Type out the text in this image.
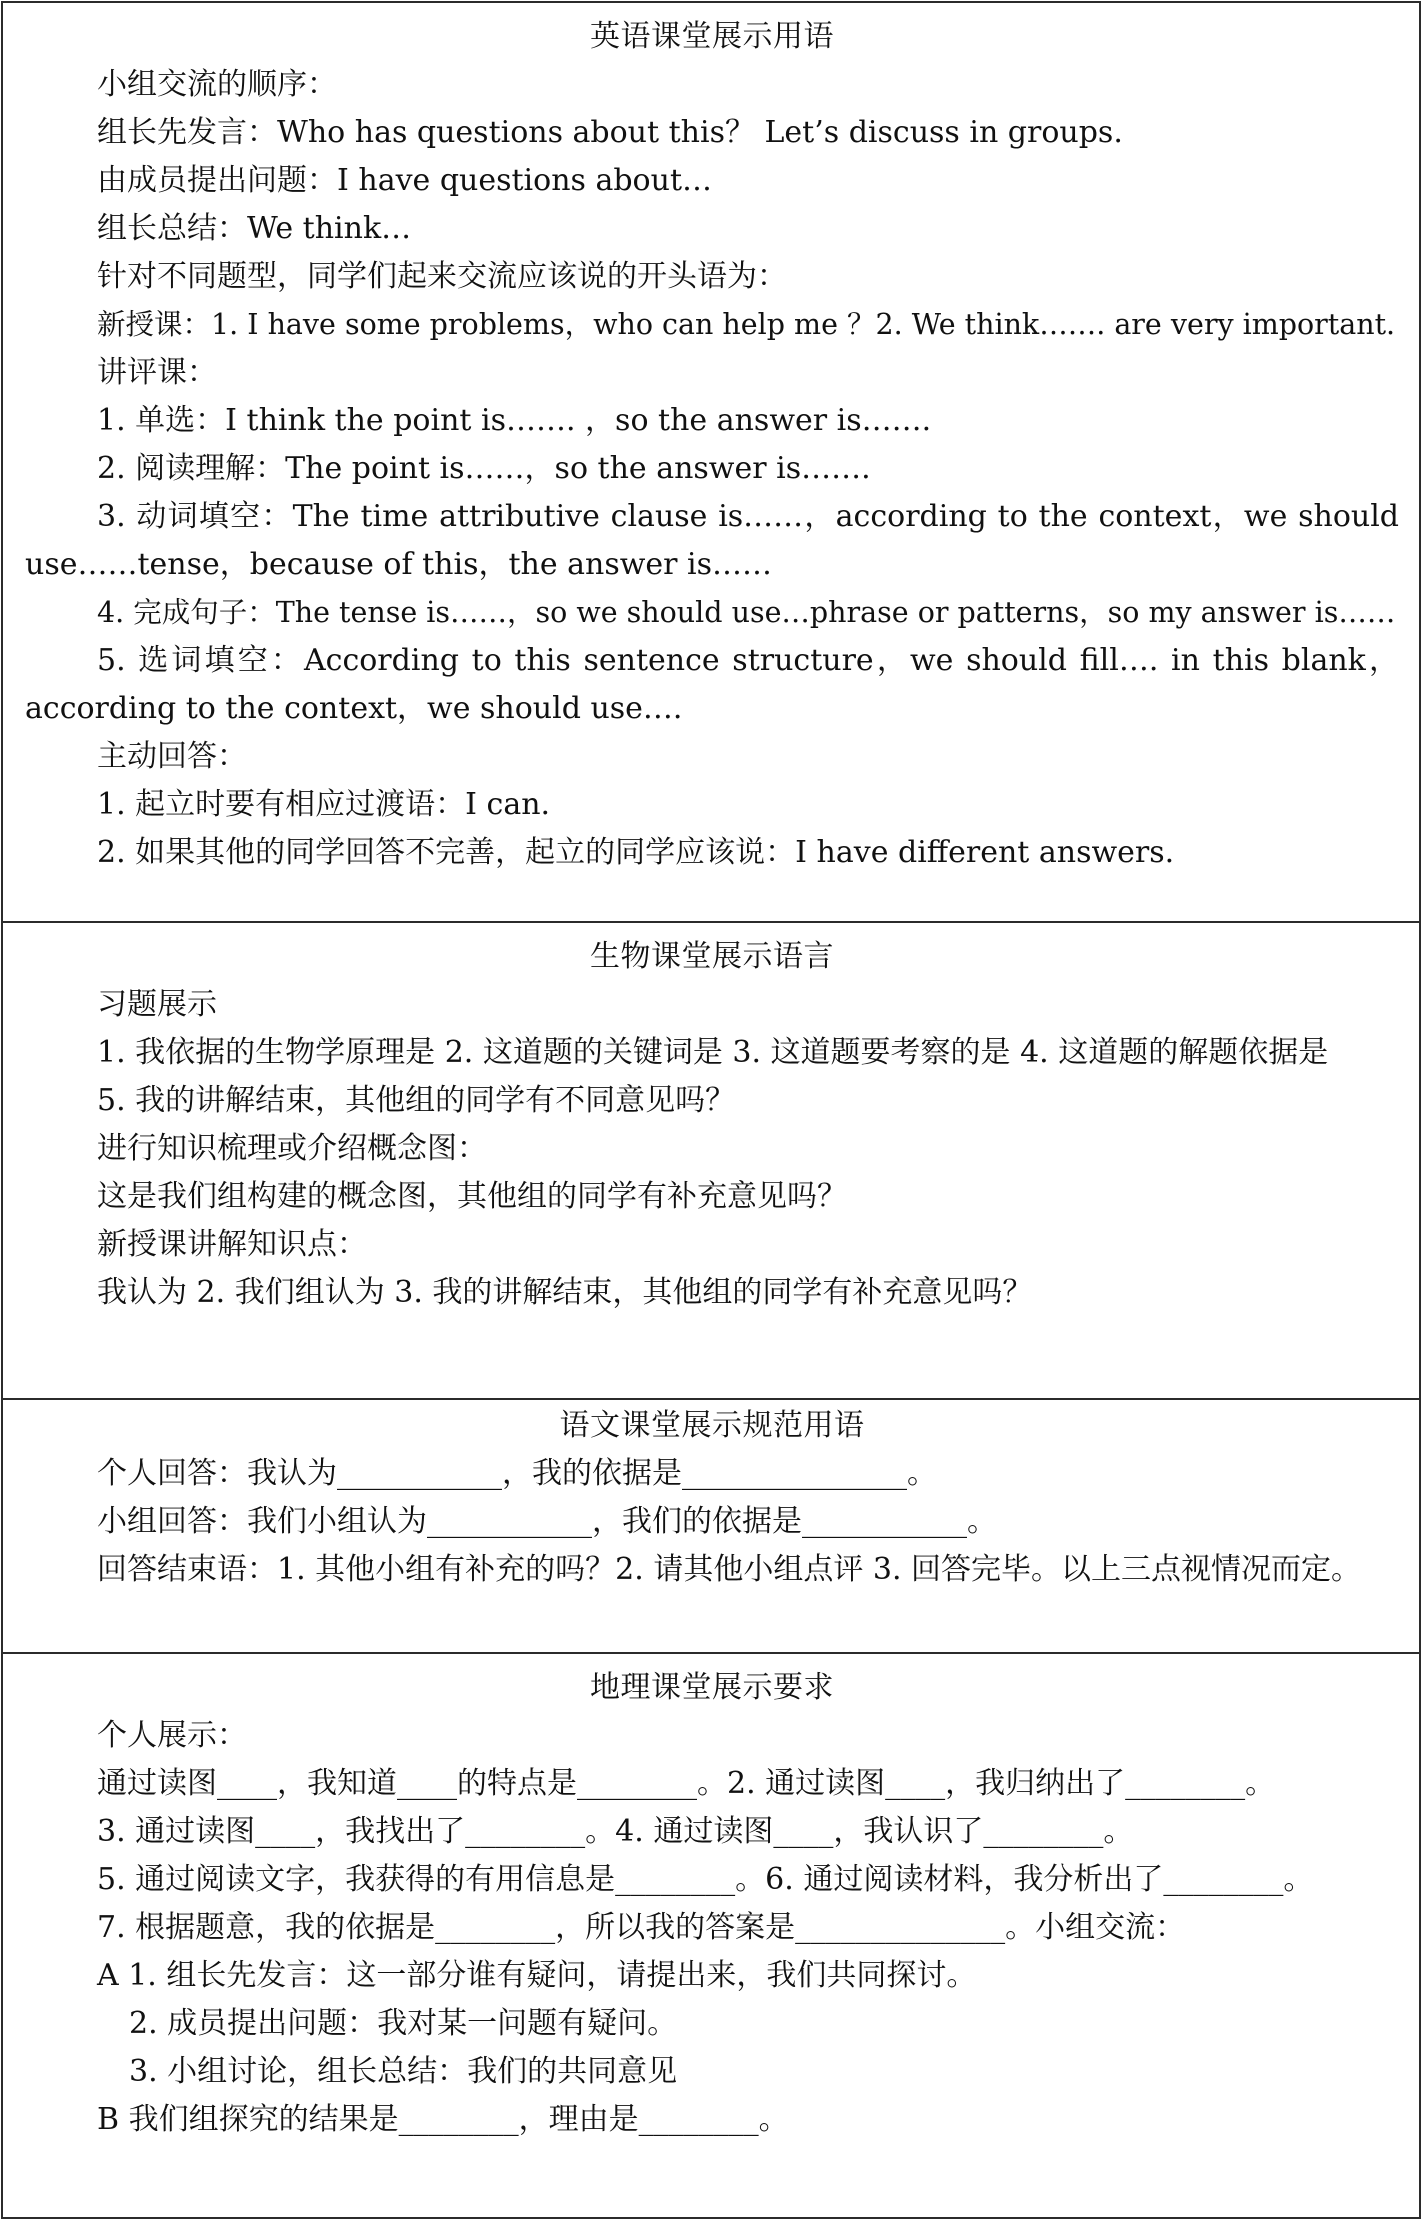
英语课堂展示用语
小组交流的顺序：
组长先发言：Who has questions about this？ Let’s discuss in groups.
由成员提出问题：I have questions about…
组长总结：We think…
针对不同题型，同学们起来交流应该说的开头语为：
新授课：1. I have some problems，who can help me ？2. We think……. are very important.
讲评课：
1. 单选：I think the point is……. ，so the answer is…….
2. 阅读理解：The point is……，so the answer is…….
3. 动词填空：The time attributive clause is……，according to the context，we should use……tense，because of this，the answer is……
4. 完成句子：The tense is……，so we should use…phrase or patterns，so my answer is……
5. 选词填空：According to this sentence structure，we should fill…. in this blank，according to the context，we should use….
主动回答：
1. 起立时要有相应过渡语：I can.
2. 如果其他的同学回答不完善，起立的同学应该说：I have different answers.

生物课堂展示语言
习题展示
1. 我依据的生物学原理是 2. 这道题的关键词是 3. 这道题要考察的是 4. 这道题的解题依据是
5. 我的讲解结束，其他组的同学有不同意见吗？
进行知识梳理或介绍概念图：
这是我们组构建的概念图，其他组的同学有补充意见吗？
新授课讲解知识点：
我认为 2. 我们组认为 3. 我的讲解结束，其他组的同学有补充意见吗？

语文课堂展示规范用语
个人回答：我认为___________，我的依据是_______________。
小组回答：我们小组认为___________，我们的依据是___________。
回答结束语：1. 其他小组有补充的吗？2. 请其他小组点评 3. 回答完毕。以上三点视情况而定。

地理课堂展示要求
个人展示：
通过读图____，我知道____的特点是________。2. 通过读图____，我归纳出了________。
3. 通过读图____，我找出了________。4. 通过读图____，我认识了________。
5. 通过阅读文字，我获得的有用信息是________。6. 通过阅读材料，我分析出了________。
7. 根据题意，我的依据是________，所以我的答案是______________。小组交流：
A 1. 组长先发言：这一部分谁有疑问，请提出来，我们共同探讨。
2. 成员提出问题：我对某一问题有疑问。
3. 小组讨论，组长总结：我们的共同意见
B 我们组探究的结果是________，理由是________。
